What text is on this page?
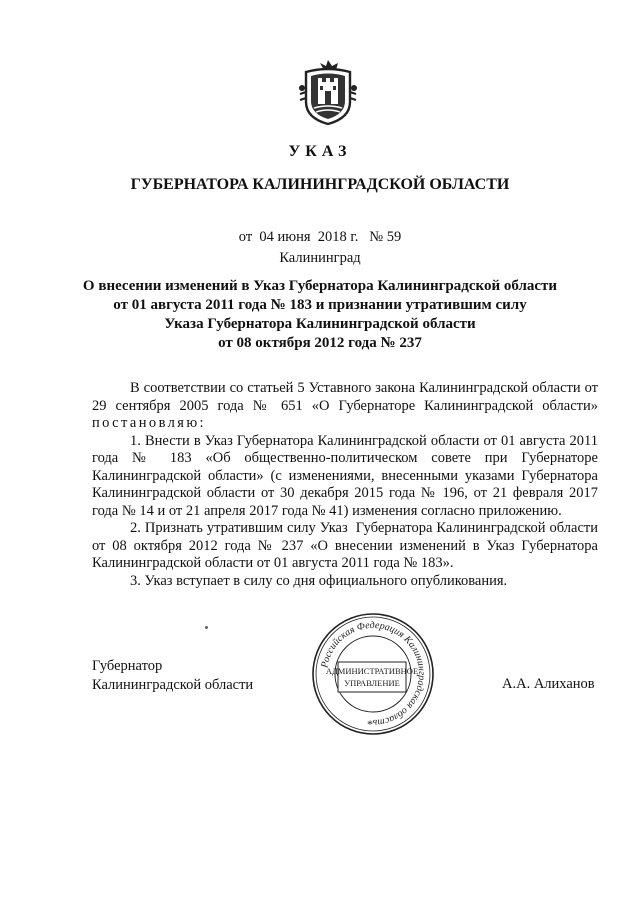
УКАЗ
ГУБЕРНАТОРА КАЛИНИНГРАДСКОЙ ОБЛАСТИ
от  04 июня  2018 г.   № 59
Калининград
О внесении изменений в Указ Губернатора Калининградской области
от 01 августа 2011 года № 183 и признании утратившим силу
Указа Губернатора Калининградской области
от 08 октября 2012 года № 237

В соответствии со статьей 5 Уставного закона Калининградской области от 29 сентября 2005 года № 651 «О Губернаторе Калининградской области» постановляю:

1. Внести в Указ Губернатора Калининградской области от 01 августа 2011 года № 183 «Об общественно-политическом совете при Губернаторе Калининградской области» (с изменениями, внесенными указами Губернатора Калининградской области от 30 декабря 2015 года № 196, от 21 февраля 2017 года № 14 и от 21 апреля 2017 года № 41) изменения согласно приложению.

2. Признать утратившим силу Указ  Губернатора Калининградской области от 08 октября 2012 года № 237 «О внесении изменений в Указ Губернатора Калининградской области от 01 августа 2011 года № 183».

3. Указ вступает в силу со дня официального опубликования.

Губернатор
Калининградской области
Российская Федерация Калининградская область
АДМИНИСТРАТИВНОЕ
УПРАВЛЕНИЕ
*
А.А. Алиханов
